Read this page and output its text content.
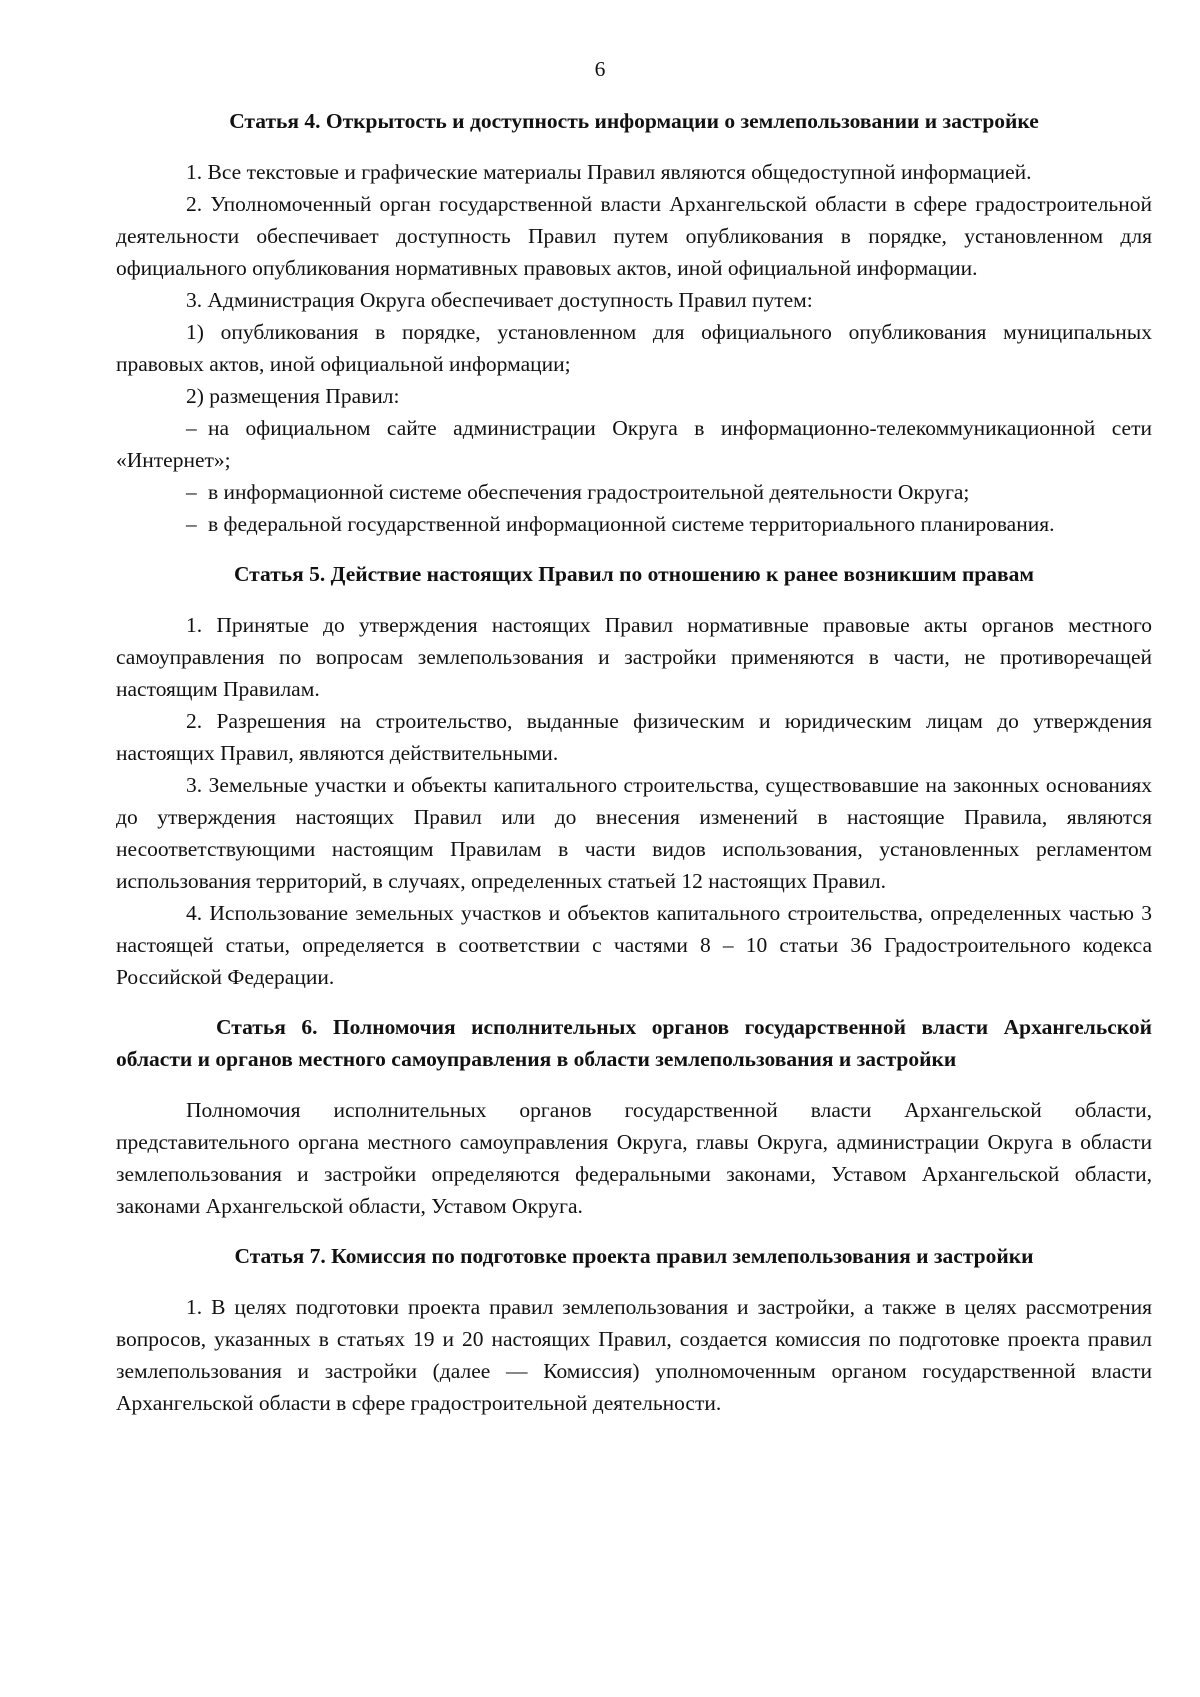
6
Статья 4. Открытость и доступность информации о землепользовании и застройке

1. Все текстовые и графические материалы Правил являются общедоступной информацией.

2. Уполномоченный орган государственной власти Архангельской области в сфере градостроительной деятельности обеспечивает доступность Правил путем опубликования в порядке, установленном для официального опубликования нормативных правовых актов, иной официальной информации.

3. Администрация Округа обеспечивает доступность Правил путем:

1) опубликования в порядке, установленном для официального опубликования муниципальных правовых актов, иной официальной информации;

2) размещения Правил:

– на официальном сайте администрации Округа в информационно-телекоммуникационной сети «Интернет»;

– в информационной системе обеспечения градостроительной деятельности Округа;

– в федеральной государственной информационной системе территориального планирования.

Статья 5. Действие настоящих Правил по отношению к ранее возникшим правам

1. Принятые до утверждения настоящих Правил нормативные правовые акты органов местного самоуправления по вопросам землепользования и застройки применяются в части, не противоречащей настоящим Правилам.

2. Разрешения на строительство, выданные физическим и юридическим лицам до утверждения настоящих Правил, являются действительными.

3. Земельные участки и объекты капитального строительства, существовавшие на законных основаниях до утверждения настоящих Правил или до внесения изменений в настоящие Правила, являются несоответствующими настоящим Правилам в части видов использования, установленных регламентом использования территорий, в случаях, определенных статьей 12 настоящих Правил.

4. Использование земельных участков и объектов капитального строительства, определенных частью 3 настоящей статьи, определяется в соответствии с частями 8 – 10 статьи 36 Градостроительного кодекса Российской Федерации.

Статья 6. Полномочия исполнительных органов государственной власти Архангельской области и органов местного самоуправления в области землепользования и застройки

Полномочия исполнительных органов государственной власти Архангельской области, представительного органа местного самоуправления Округа, главы Округа, администрации Округа в области землепользования и застройки определяются федеральными законами, Уставом Архангельской области, законами Архангельской области, Уставом Округа.

Статья 7. Комиссия по подготовке проекта правил землепользования и застройки

1. В целях подготовки проекта правил землепользования и застройки, а также в целях рассмотрения вопросов, указанных в статьях 19 и 20 настоящих Правил, создается комиссия по подготовке проекта правил землепользования и застройки (далее — Комиссия) уполномоченным органом государственной власти Архангельской области в сфере градостроительной деятельности.
